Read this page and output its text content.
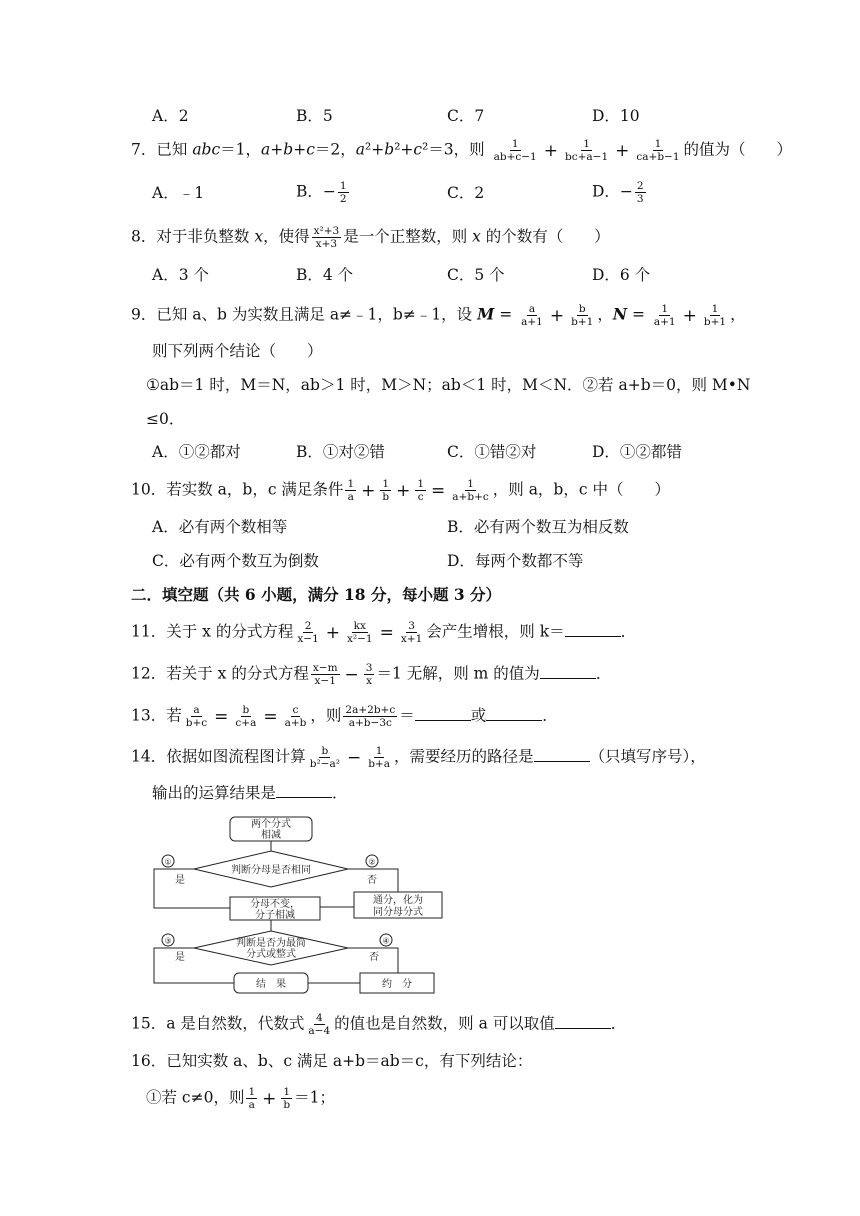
A．2	B．5	C．7	D．10
7．已知 abc＝1，a+b+c＝2，a²+b²+c²＝3，则 $\frac{1}{ab+c-1} + \frac{1}{bc+a-1} + \frac{1}{ca+b-1}$ 的值为（　　）
A．﹣1	B．− $\frac{1}{2}$	C．2	D．− $\frac{2}{3}$
8．对于非负整数 x，使得 $\frac{\text{x²+3}}{x+3}$ 是一个正整数，则 x 的个数有（　　）
A．3 个	B．4 个	C．5 个	D．6 个
9．已知 a、b 为实数且满足 a≠﹣1，b≠﹣1，设 $M = \frac{a}{a+1} + \frac{b}{b+1}$ ，$N = \frac{1}{a+1} + \frac{1}{b+1}$ ，
则下列两个结论（　　）
①ab＝1 时，M＝N，ab＞1 时，M＞N；ab＜1 时，M＜N．②若 a+b＝0，则 M•N
≤0．
A．①②都对	B．①对②错	C．①错②对	D．①②都错
10．若实数 a，b，c 满足条件 $\frac{1}{a} + \frac{1}{b} + \frac{1}{c} = \frac{1}{a+b+c}$ ，则 a，b，c 中（　　）
A．必有两个数相等	B．必有两个数互为相反数
C．必有两个数互为倒数	D．每两个数都不等
二．填空题（共 6 小题，满分 18 分，每小题 3 分）
11．关于 x 的分式方程 $\frac{2}{x-1} + \frac{kx}{\text{x²−1}} = \frac{3}{x+1}$ 会产生增根，则 k＝	．
12．若关于 x 的分式方程 $\frac{x-m}{x-1} - \frac{3}{x} =1$ 无解，则 m 的值为	．
13．若 $\frac{a}{b+c} = \frac{b}{c+a} = \frac{c}{a+b}$ ，则 $\frac{2a+2b+c}{a+b-3c}$ ＝	或	．
14．依据如图流程图计算 $\frac{b}{\text{b²−a²}} - \frac{1}{b+a}$ ，需要经历的路径是	（只填写序号），
输出的运算结果是	．
两个分式
相减
判断分母是否相同
①	②
是	否
分母不变，
分子相减
通分，化为
同分母分式
判断是否为最简
分式或整式
③	④
是	否
结　果	约　分
15．a 是自然数，代数式 $\frac{4}{a-4}$ 的值也是自然数，则 a 可以取值	．
16．已知实数 a、b、c 满足 a+b＝ab＝c，有下列结论：
①若 c≠0，则 $\frac{1}{a} + \frac{1}{b} =1$；
